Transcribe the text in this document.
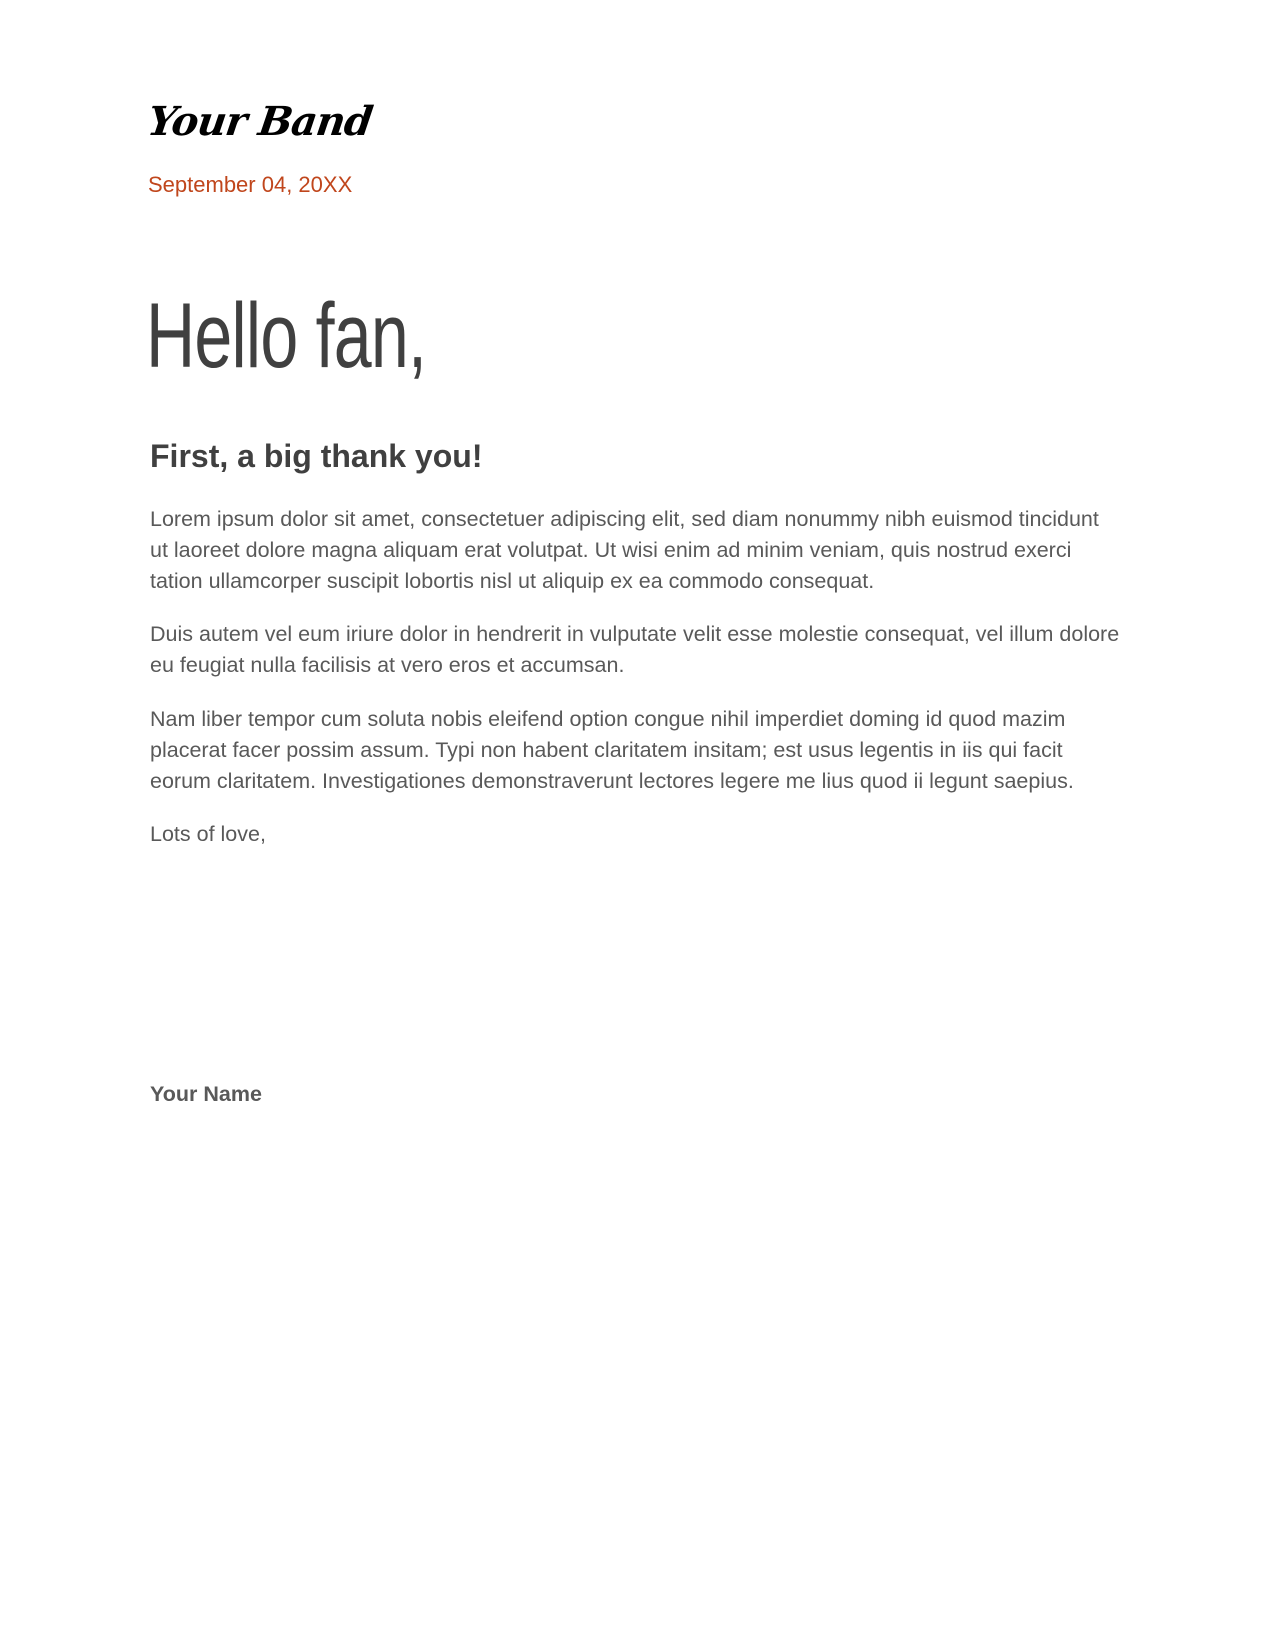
Your Band
September 04, 20XX
Hello fan,
First, a big thank you!

Lorem ipsum dolor sit amet, consectetuer adipiscing elit, sed diam nonummy nibh euismod tincidunt ut laoreet dolore magna aliquam erat volutpat. Ut wisi enim ad minim veniam, quis nostrud exerci tation ullamcorper suscipit lobortis nisl ut aliquip ex ea commodo consequat.

Duis autem vel eum iriure dolor in hendrerit in vulputate velit esse molestie consequat, vel illum dolore eu feugiat nulla facilisis at vero eros et accumsan.

Nam liber tempor cum soluta nobis eleifend option congue nihil imperdiet doming id quod mazim placerat facer possim assum. Typi non habent claritatem insitam; est usus legentis in iis qui facit eorum claritatem. Investigationes demonstraverunt lectores legere me lius quod ii legunt saepius.

Lots of love,

Your Name
